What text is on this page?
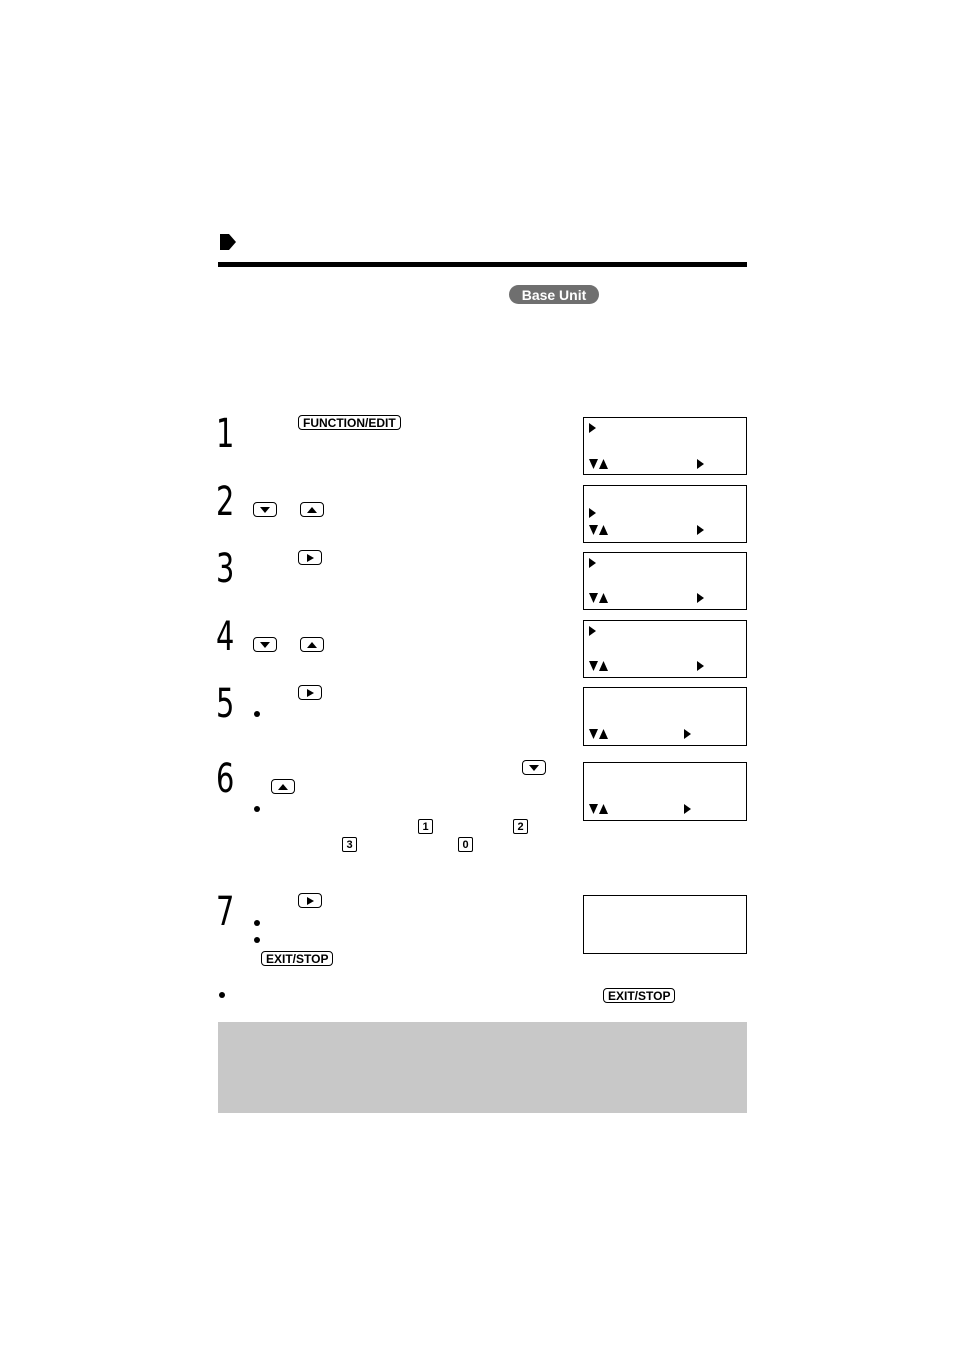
Base Unit
1	FUNCTION/EDIT
2
3
4
5
6
1	2
3	0
7
EXIT/STOP
EXIT/STOP
